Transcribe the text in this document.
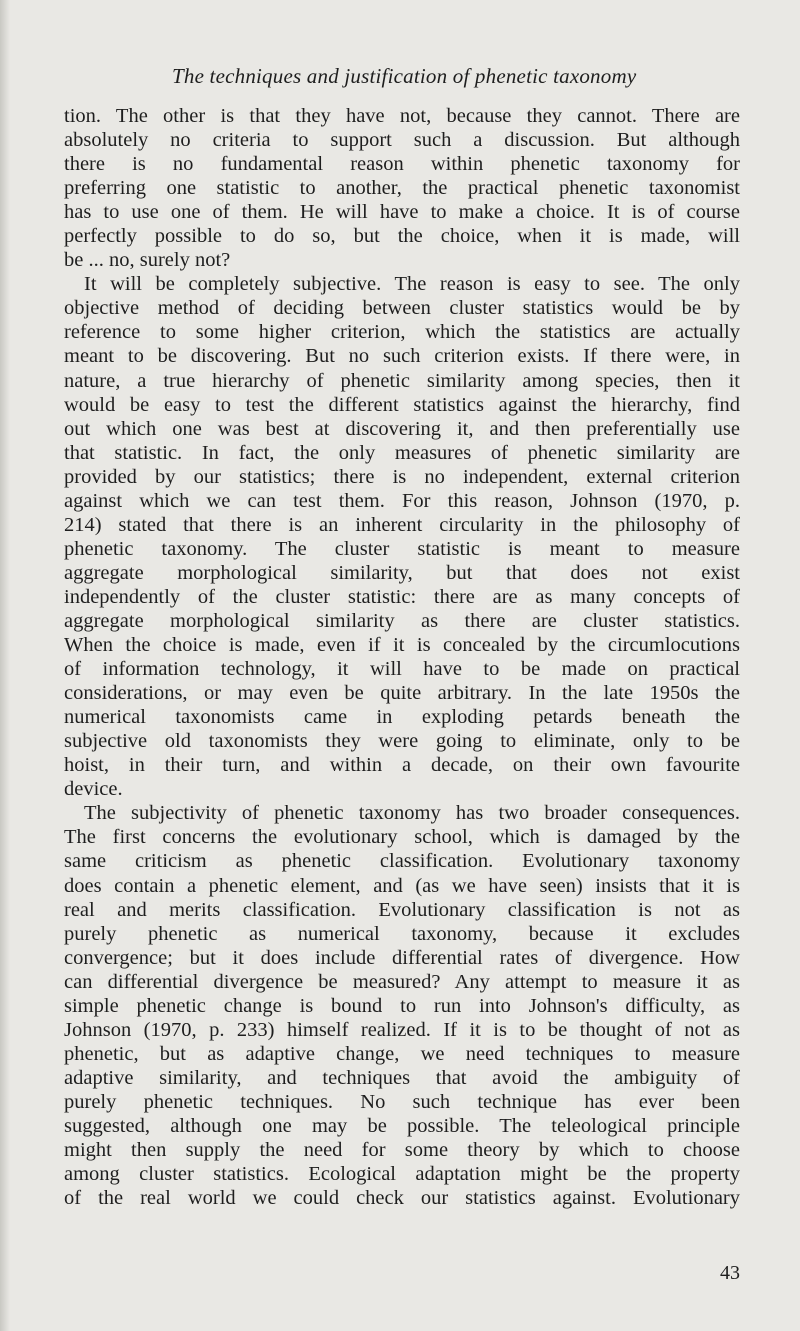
The techniques and justification of phenetic taxonomy
tion. The other is that they have not, because they cannot. There are
absolutely no criteria to support such a discussion. But although
there is no fundamental reason within phenetic taxonomy for
preferring one statistic to another, the practical phenetic taxonomist
has to use one of them. He will have to make a choice. It is of course
perfectly possible to do so, but the choice, when it is made, will
be ... no, surely not?
It will be completely subjective. The reason is easy to see. The only
objective method of deciding between cluster statistics would be by
reference to some higher criterion, which the statistics are actually
meant to be discovering. But no such criterion exists. If there were, in
nature, a true hierarchy of phenetic similarity among species, then it
would be easy to test the different statistics against the hierarchy, find
out which one was best at discovering it, and then preferentially use
that statistic. In fact, the only measures of phenetic similarity are
provided by our statistics; there is no independent, external criterion
against which we can test them. For this reason, Johnson (1970, p.
214) stated that there is an inherent circularity in the philosophy of
phenetic taxonomy. The cluster statistic is meant to measure
aggregate morphological similarity, but that does not exist
independently of the cluster statistic: there are as many concepts of
aggregate morphological similarity as there are cluster statistics.
When the choice is made, even if it is concealed by the circumlocutions
of information technology, it will have to be made on practical
considerations, or may even be quite arbitrary. In the late 1950s the
numerical taxonomists came in exploding petards beneath the
subjective old taxonomists they were going to eliminate, only to be
hoist, in their turn, and within a decade, on their own favourite
device.
The subjectivity of phenetic taxonomy has two broader consequences.
The first concerns the evolutionary school, which is damaged by the
same criticism as phenetic classification. Evolutionary taxonomy
does contain a phenetic element, and (as we have seen) insists that it is
real and merits classification. Evolutionary classification is not as
purely phenetic as numerical taxonomy, because it excludes
convergence; but it does include differential rates of divergence. How
can differential divergence be measured? Any attempt to measure it as
simple phenetic change is bound to run into Johnson's difficulty, as
Johnson (1970, p. 233) himself realized. If it is to be thought of not as
phenetic, but as adaptive change, we need techniques to measure
adaptive similarity, and techniques that avoid the ambiguity of
purely phenetic techniques. No such technique has ever been
suggested, although one may be possible. The teleological principle
might then supply the need for some theory by which to choose
among cluster statistics. Ecological adaptation might be the property
of the real world we could check our statistics against. Evolutionary
43
